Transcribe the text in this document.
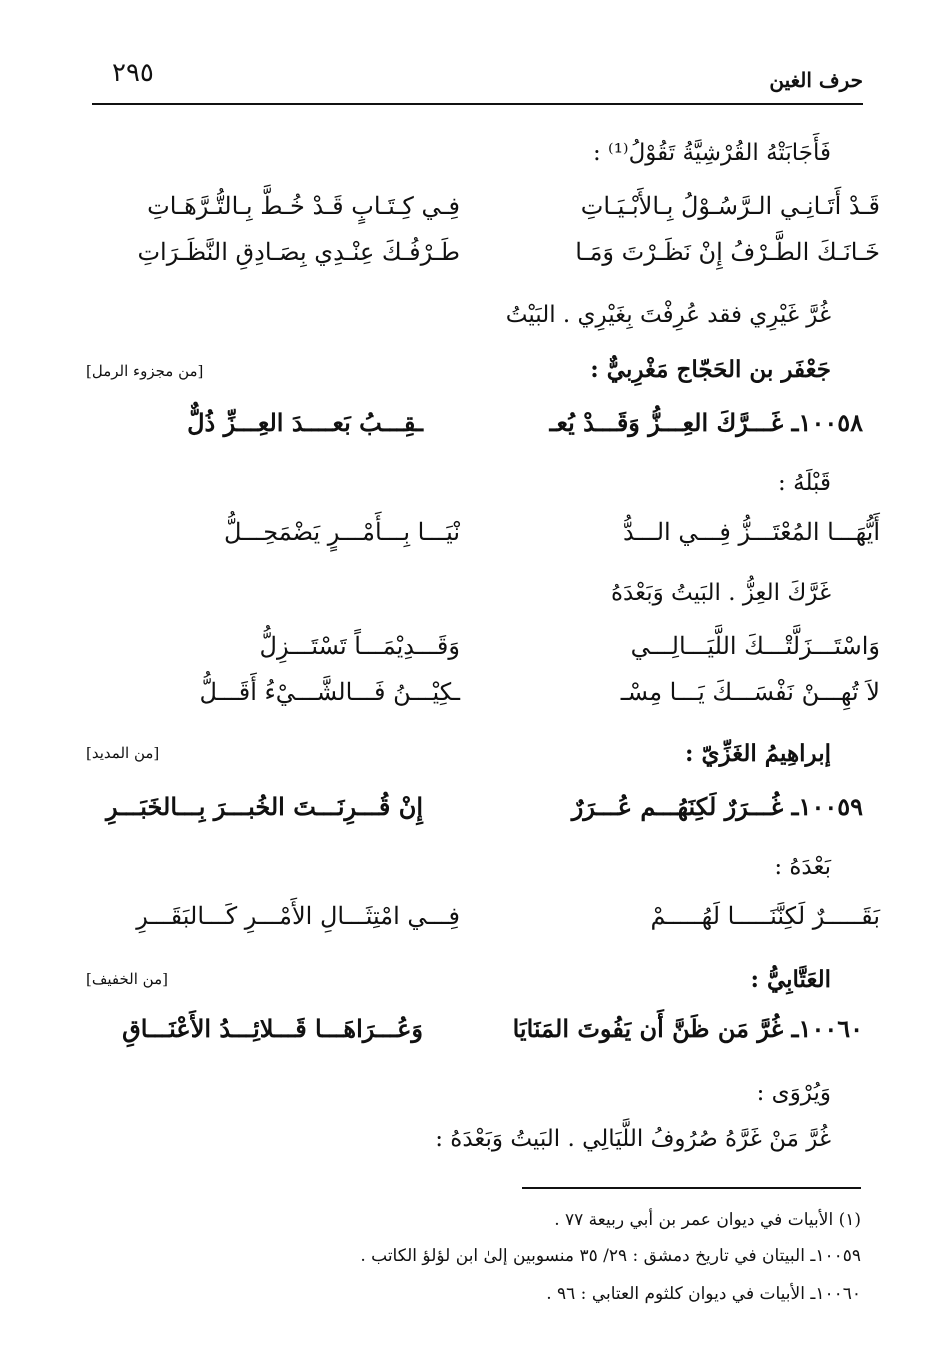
٢٩٥	حرف الغين
فَأَجَابَتْهُ القُرْشِيَّةُ تَقُوْلُ⁽¹⁾ :
قَـدْ أَتَـانِـي الـرَّسُـوْلُ بِـالأَبْـيَـاتِ
فِـي كِـتَـابٍ قَـدْ خُـطَّ بِـالتُّـرَّهَـاتِ
خَـانَـكَ الطَّـرْفُ إِنْ نَظَـرْتَ وَمَـا
طَـرْفُـكَ عِنْـدِي بِصَـادِقِ النَّظَـرَاتِ
غُرَّ غَيْرِي فقد عُرِفْتَ بِغَيْرِي . البَيْتُ
جَعْفَر بن الحَجّاج مَغْرِبيٌّ :
[من مجزوء الرمل]
١٠٠٥٨ـ غَـــرَّكَ العِـــزُّ وَقَـــدْ يُعـ
ـقِـــبُ بَعــــدَ العِـــزِّ ذُلٌّ
قَبْلَهُ :
أَيُّهَـــا المُعْتَـــزُّ فِـــي الـــدُّ
نْيَـــا بِـــأَمْـــرٍ يَضْمَحِـــلُّ
غَرَّكَ العِزُّ . البَيتُ وَبَعْدَهُ
وَاسْتَـــزَلَّتْـــكَ اللَّيَـــالِـــي
وَقَـــدِيْمَـــاً تَسْتَـــزِلُّ
لاَ تُهِـــنْ نَفْسَـــكَ يَـــا مِسْـ
ـكِيْـــنُ فَـــالشَّـــيْءُ أَقَـــلُّ
إبراهِيمُ الغَزِّيّ :
[من المديد]
١٠٠٥٩ـ غُـــرَرٌ لَكِنَهُـــم عُـــرَرٌ
إِنْ قُـــرِنَـــتَ الخُبـــرَ بِـــالخَبَـــرِ
بَعْدَهُ :
بَقَـــــرٌ لَكِنَّنَـــــا لَهُـــــمْ
فِـــي امْتِثَـــالِ الأَمْـــرِ كَـــالبَقَـــرِ
العَتَّابِيُّ :
[من الخفيف]
١٠٠٦٠ـ غُرَّ مَن ظَنَّ أَن يَفُوتَ المَنَايَا
وَعُـــرَاهَـــا قَـــلائِـــدُ الأَعْنَـــاقِ
وَيُرْوَى :
غُرَّ مَنْ غَرَّهُ صُرُوفُ اللَّيَالِي . البَيتُ وَبَعْدَهُ :
(١) الأبيات في ديوان عمر بن أبي ربيعة ٧٧ .
١٠٠٥٩ـ البيتان في تاريخ دمشق : ٢٩/ ٣٥ منسوبين إلىٰ ابن لؤلؤ الكاتب .
١٠٠٦٠ـ الأبيات في ديوان كلثوم العتابي : ٩٦ .
